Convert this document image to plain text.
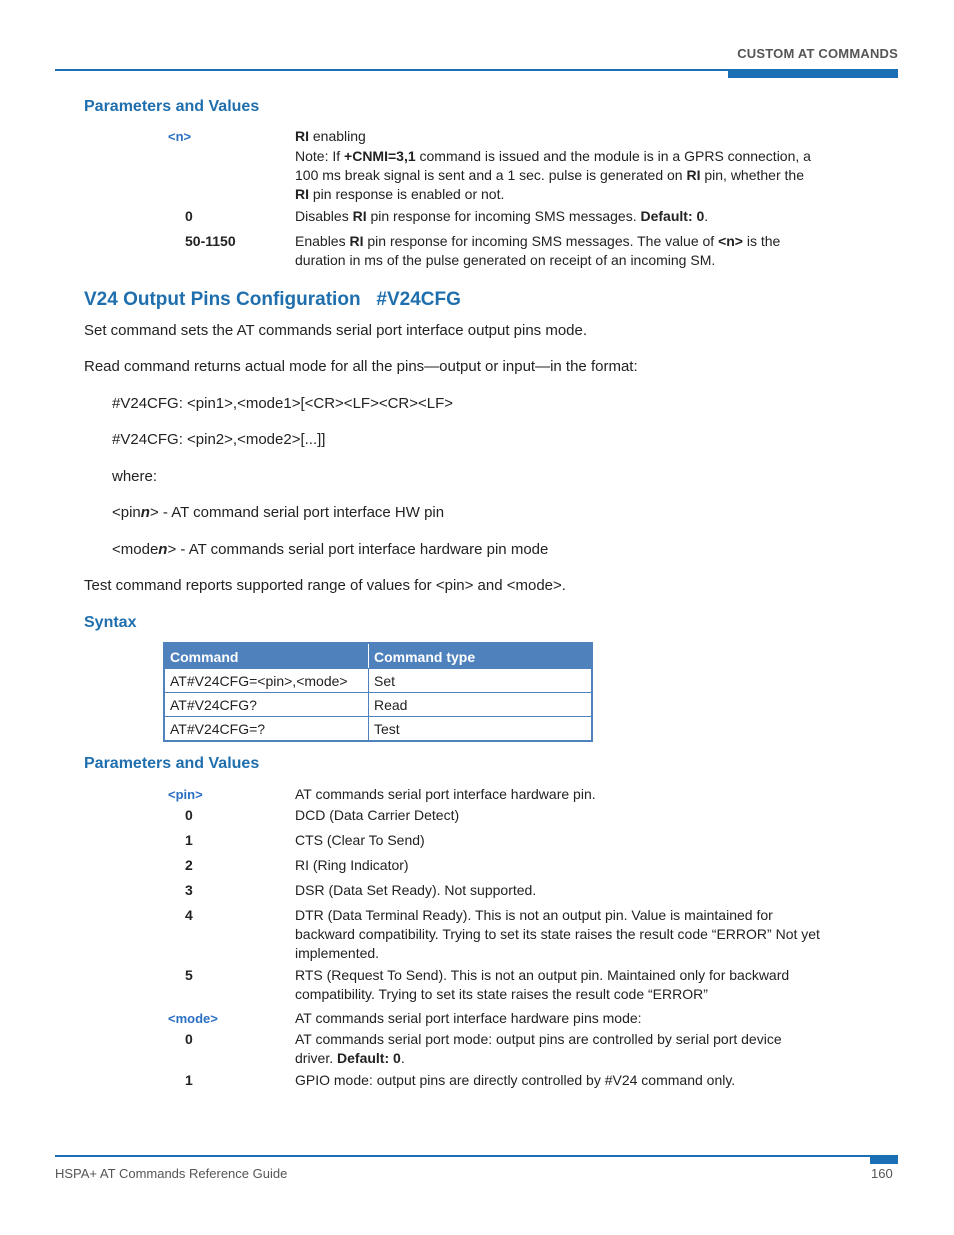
CUSTOM AT COMMANDS
Parameters and Values
<n>	RI enabling
Note: If +CNMI=3,1 command is issued and the module is in a GPRS connection, a 100 ms break signal is sent and a 1 sec. pulse is generated on RI pin, whether the RI pin response is enabled or not.
0	Disables RI pin response for incoming SMS messages. Default: 0.
50-1150	Enables RI pin response for incoming SMS messages. The value of <n> is the duration in ms of the pulse generated on receipt of an incoming SM.
V24 Output Pins Configuration   #V24CFG

Set command sets the AT commands serial port interface output pins mode.

Read command returns actual mode for all the pins—output or input—in the format:

#V24CFG: <pin1>,<mode1>[<CR><LF><CR><LF>

#V24CFG: <pin2>,<mode2>[...]]

where:

<pinn> - AT command serial port interface HW pin

<moden> - AT commands serial port interface hardware pin mode

Test command reports supported range of values for <pin> and <mode>.

Syntax
Command	Command type
AT#V24CFG=<pin>,<mode>	Set
AT#V24CFG?	Read
AT#V24CFG=?	Test
Parameters and Values
<pin>	AT commands serial port interface hardware pin.
0	DCD (Data Carrier Detect)
1	CTS (Clear To Send)
2	RI (Ring Indicator)
3	DSR (Data Set Ready). Not supported.
4	DTR (Data Terminal Ready). This is not an output pin. Value is maintained for backward compatibility. Trying to set its state raises the result code “ERROR” Not yet implemented.
5	RTS (Request To Send). This is not an output pin. Maintained only for backward compatibility. Trying to set its state raises the result code “ERROR”
<mode>	AT commands serial port interface hardware pins mode:
0	AT commands serial port mode: output pins are controlled by serial port device driver. Default: 0.
1	GPIO mode: output pins are directly controlled by #V24 command only.
HSPA+ AT Commands Reference Guide	160
